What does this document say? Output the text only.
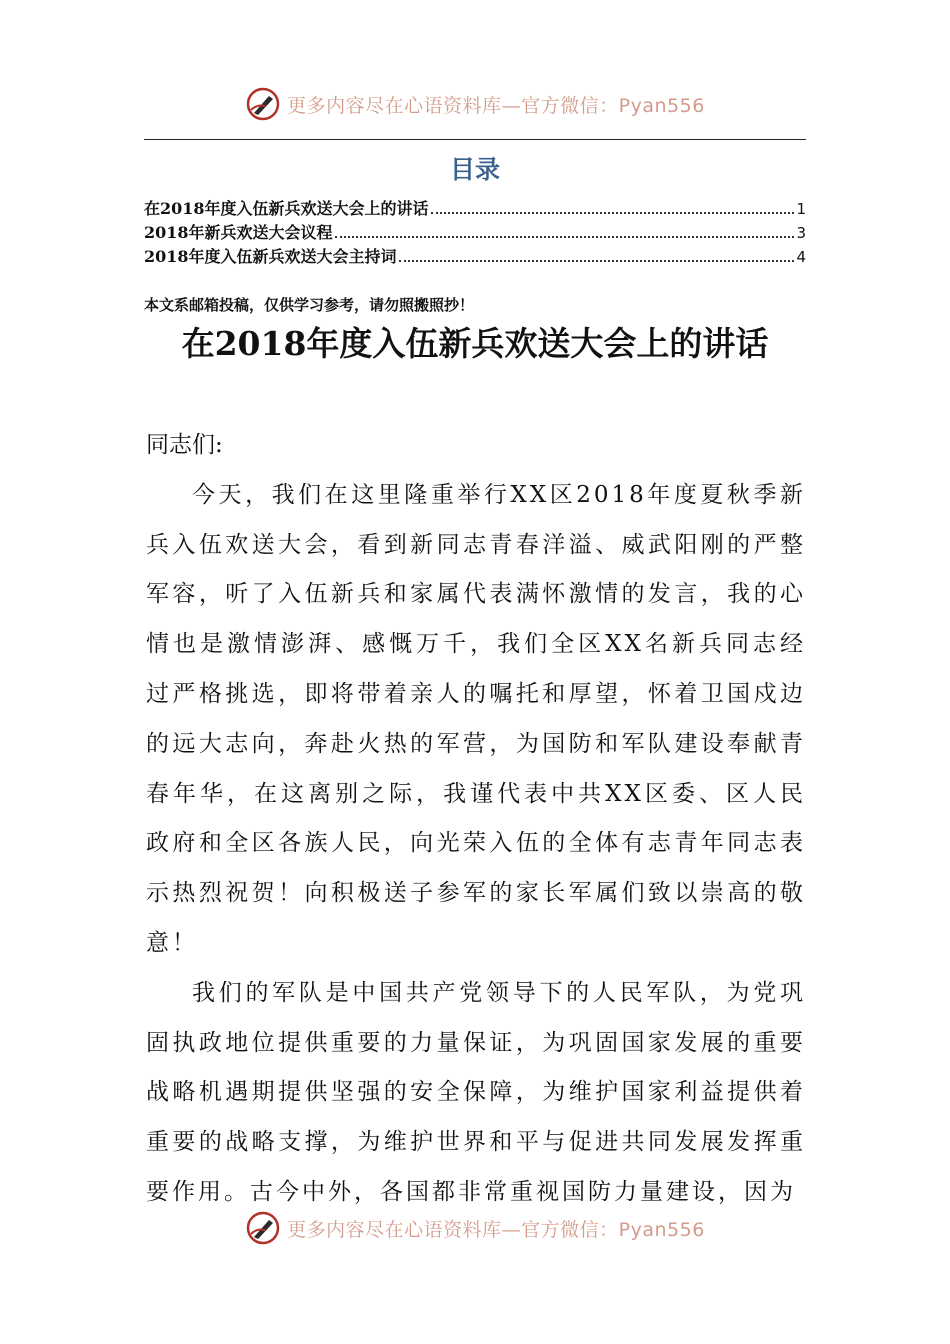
更多内容尽在心语资料库—官方微信：Pyan556
目录
在2018年度入伍新兵欢送大会上的讲话	1
2018年新兵欢送大会议程	3
2018年度入伍新兵欢送大会主持词	4
本文系邮箱投稿，仅供学习参考，请勿照搬照抄！
在2018年度入伍新兵欢送大会上的讲话

同志们:

今天，我们在这里隆重举行XX区2018年度夏秋季新兵入伍欢送大会，看到新同志青春洋溢、威武阳刚的严整军容，听了入伍新兵和家属代表满怀激情的发言，我的心情也是激情澎湃、感慨万千，我们全区XX名新兵同志经过严格挑选，即将带着亲人的嘱托和厚望，怀着卫国戍边的远大志向，奔赴火热的军营，为国防和军队建设奉献青春年华，在这离别之际，我谨代表中共XX区委、区人民政府和全区各族人民，向光荣入伍的全体有志青年同志表示热烈祝贺！向积极送子参军的家长军属们致以崇高的敬意！

我们的军队是中国共产党领导下的人民军队，为党巩固执政地位提供重要的力量保证，为巩固国家发展的重要战略机遇期提供坚强的安全保障，为维护国家利益提供着重要的战略支撑，为维护世界和平与促进共同发展发挥重要作用。古今中外，各国都非常重视国防力量建设，因为

更多内容尽在心语资料库—官方微信：Pyan556
